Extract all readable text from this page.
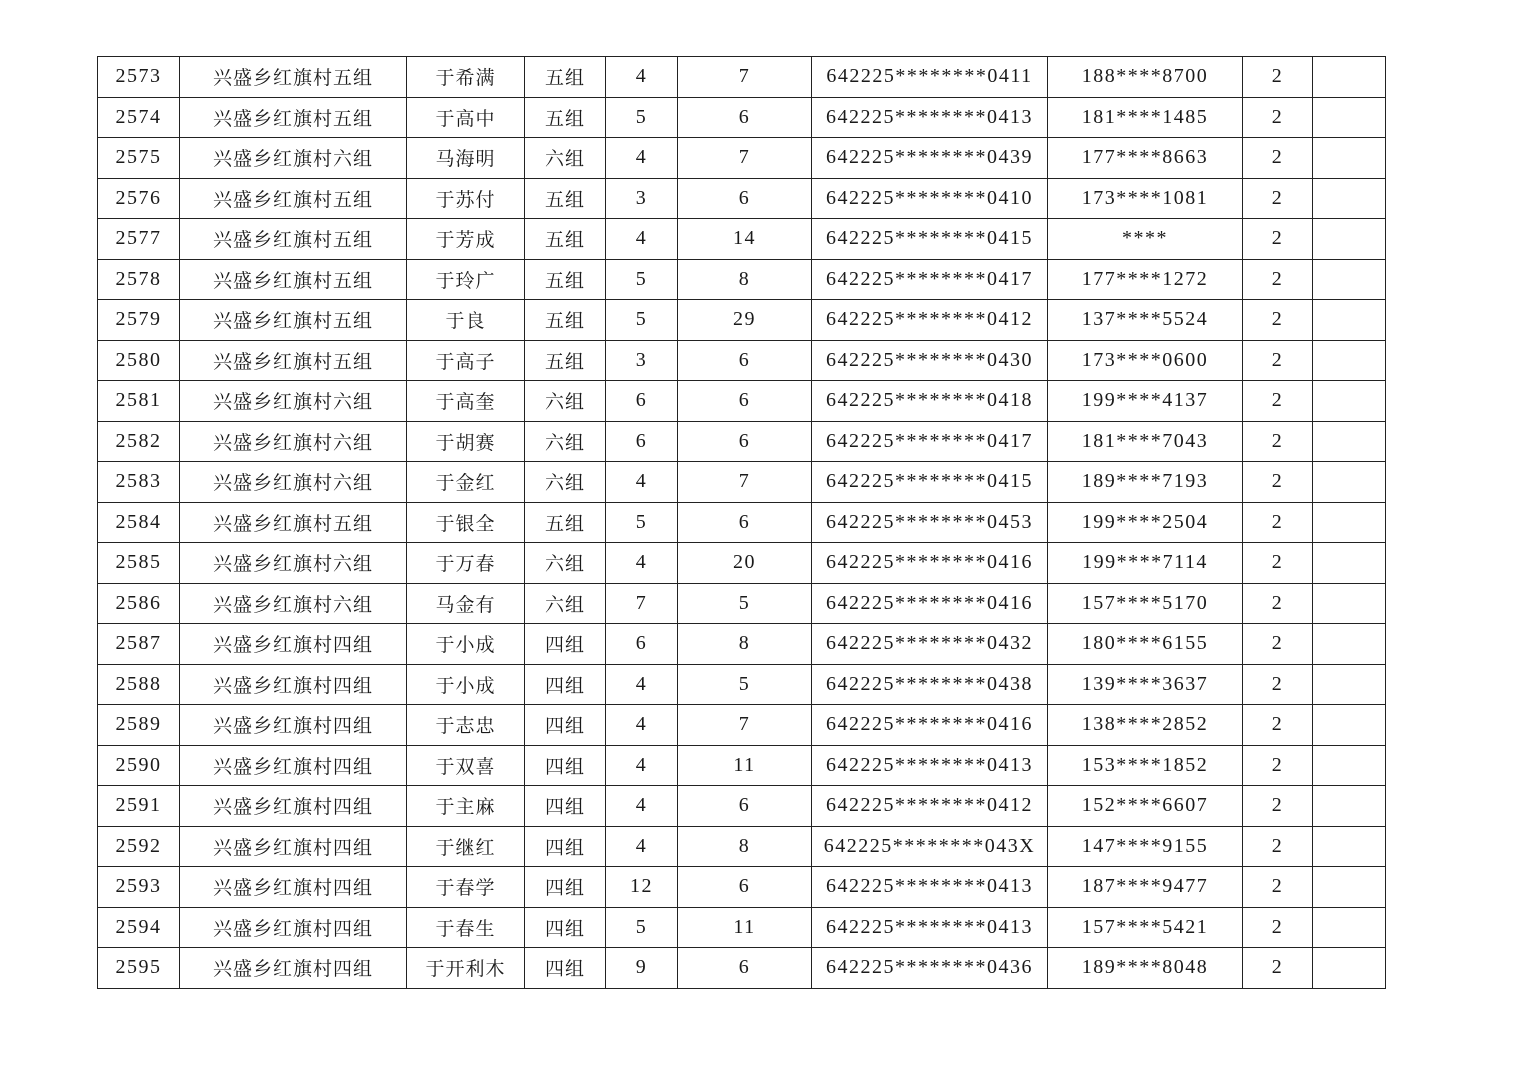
2573	兴盛乡红旗村五组	于希满	五组	4	7	642225********0411	188****8700	2	
2574	兴盛乡红旗村五组	于高中	五组	5	6	642225********0413	181****1485	2	
2575	兴盛乡红旗村六组	马海明	六组	4	7	642225********0439	177****8663	2	
2576	兴盛乡红旗村五组	于苏付	五组	3	6	642225********0410	173****1081	2	
2577	兴盛乡红旗村五组	于芳成	五组	4	14	642225********0415	****	2	
2578	兴盛乡红旗村五组	于玲广	五组	5	8	642225********0417	177****1272	2	
2579	兴盛乡红旗村五组	于良	五组	5	29	642225********0412	137****5524	2	
2580	兴盛乡红旗村五组	于高子	五组	3	6	642225********0430	173****0600	2	
2581	兴盛乡红旗村六组	于高奎	六组	6	6	642225********0418	199****4137	2	
2582	兴盛乡红旗村六组	于胡赛	六组	6	6	642225********0417	181****7043	2	
2583	兴盛乡红旗村六组	于金红	六组	4	7	642225********0415	189****7193	2	
2584	兴盛乡红旗村五组	于银全	五组	5	6	642225********0453	199****2504	2	
2585	兴盛乡红旗村六组	于万春	六组	4	20	642225********0416	199****7114	2	
2586	兴盛乡红旗村六组	马金有	六组	7	5	642225********0416	157****5170	2	
2587	兴盛乡红旗村四组	于小成	四组	6	8	642225********0432	180****6155	2	
2588	兴盛乡红旗村四组	于小成	四组	4	5	642225********0438	139****3637	2	
2589	兴盛乡红旗村四组	于志忠	四组	4	7	642225********0416	138****2852	2	
2590	兴盛乡红旗村四组	于双喜	四组	4	11	642225********0413	153****1852	2	
2591	兴盛乡红旗村四组	于主麻	四组	4	6	642225********0412	152****6607	2	
2592	兴盛乡红旗村四组	于继红	四组	4	8	642225********043X	147****9155	2	
2593	兴盛乡红旗村四组	于春学	四组	12	6	642225********0413	187****9477	2	
2594	兴盛乡红旗村四组	于春生	四组	5	11	642225********0413	157****5421	2	
2595	兴盛乡红旗村四组	于开利木	四组	9	6	642225********0436	189****8048	2	
